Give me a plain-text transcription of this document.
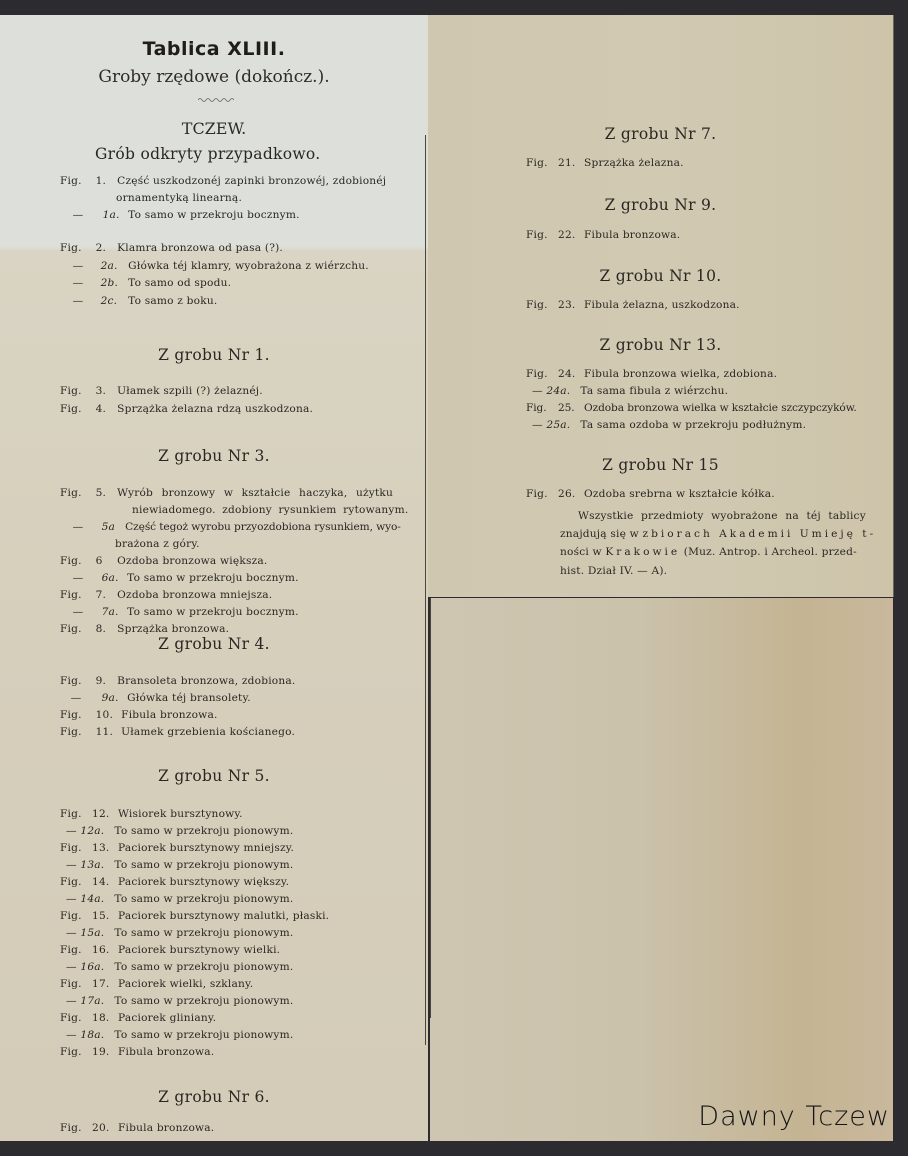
Tablica XLIII.
Groby rzędowe (dokończ.).
TCZEW.
Grób odkryty przypadkowo.
Fig. 1. Część uszkodzonéj zapinki bronzowéj, zdobionéj
ornamentyką linearną.
— 1a. To samo w przekroju bocznym.
Fig. 2. Klamra bronzowa od pasa (?).
— 2a. Główka téj klamry, wyobrażona z wiérzchu.
— 2b. To samo od spodu.
— 2c. To samo z boku.
Z grobu Nr 1.
Fig. 3. Ułamek szpili (?) żelaznéj.
Fig. 4. Sprzążka żelazna rdzą uszkodzona.
Z grobu Nr 3.
Fig. 5. Wyrób bronzowy w kształcie haczyka, użytku
niewiadomego. zdobiony rysunkiem rytowanym.
— 5a Część tegoż wyrobu przyozdobiona rysunkiem, wyo-
brażona z góry.
Fig. 6 Ozdoba bronzowa większa.
— 6a. To samo w przekroju bocznym.
Fig. 7. Ozdoba bronzowa mniejsza.
— 7a. To samo w przekroju bocznym.
Fig. 8. Sprzążka bronzowa.
Z grobu Nr 4.
Fig. 9. Bransoleta bronzowa, zdobiona.
— 9a. Główka téj bransolety.
Fig. 10. Fibula bronzowa.
Fig. 11. Ułamek grzebienia kościanego.
Z grobu Nr 5.
Fig. 12. Wisiorek bursztynowy.
— 12a. To samo w przekroju pionowym.
Fig. 13. Paciorek bursztynowy mniejszy.
— 13a. To samo w przekroju pionowym.
Fig. 14. Paciorek bursztynowy większy.
— 14a. To samo w przekroju pionowym.
Fig. 15. Paciorek bursztynowy malutki, płaski.
— 15a. To samo w przekroju pionowym.
Fig. 16. Paciorek bursztynowy wielki.
— 16a. To samo w przekroju pionowym.
Fig. 17. Paciorek wielki, szklany.
— 17a. To samo w przekroju pionowym.
Fig. 18. Paciorek gliniany.
— 18a. To samo w przekroju pionowym.
Fig. 19. Fibula bronzowa.
Z grobu Nr 6.
Fig. 20. Fibula bronzowa.
Z grobu Nr 7.
Fig. 21. Sprzążka żelazna.
Z grobu Nr 9.
Fig. 22. Fibula bronzowa.
Z grobu Nr 10.
Fig. 23. Fibula żelazna, uszkodzona.
Z grobu Nr 13.
Fig. 24. Fibula bronzowa wielka, zdobiona.
— 24a. Ta sama fibula z wiérzchu.
Fig. 25. Ozdoba bronzowa wielka w kształcie szczypczyków.
— 25a. Ta sama ozdoba w przekroju podłużnym.
Z grobu Nr 15
Fig. 26. Ozdoba srebrna w kształcie kółka.
Wszystkie przedmioty wyobrażone na téj tablicy
znajdują się w zbiorach Akademii Umieję t-
ności w Krakowie (Muz. Antrop. i Archeol. przed-
hist. Dział IV. — A).
Dawny Tczew
